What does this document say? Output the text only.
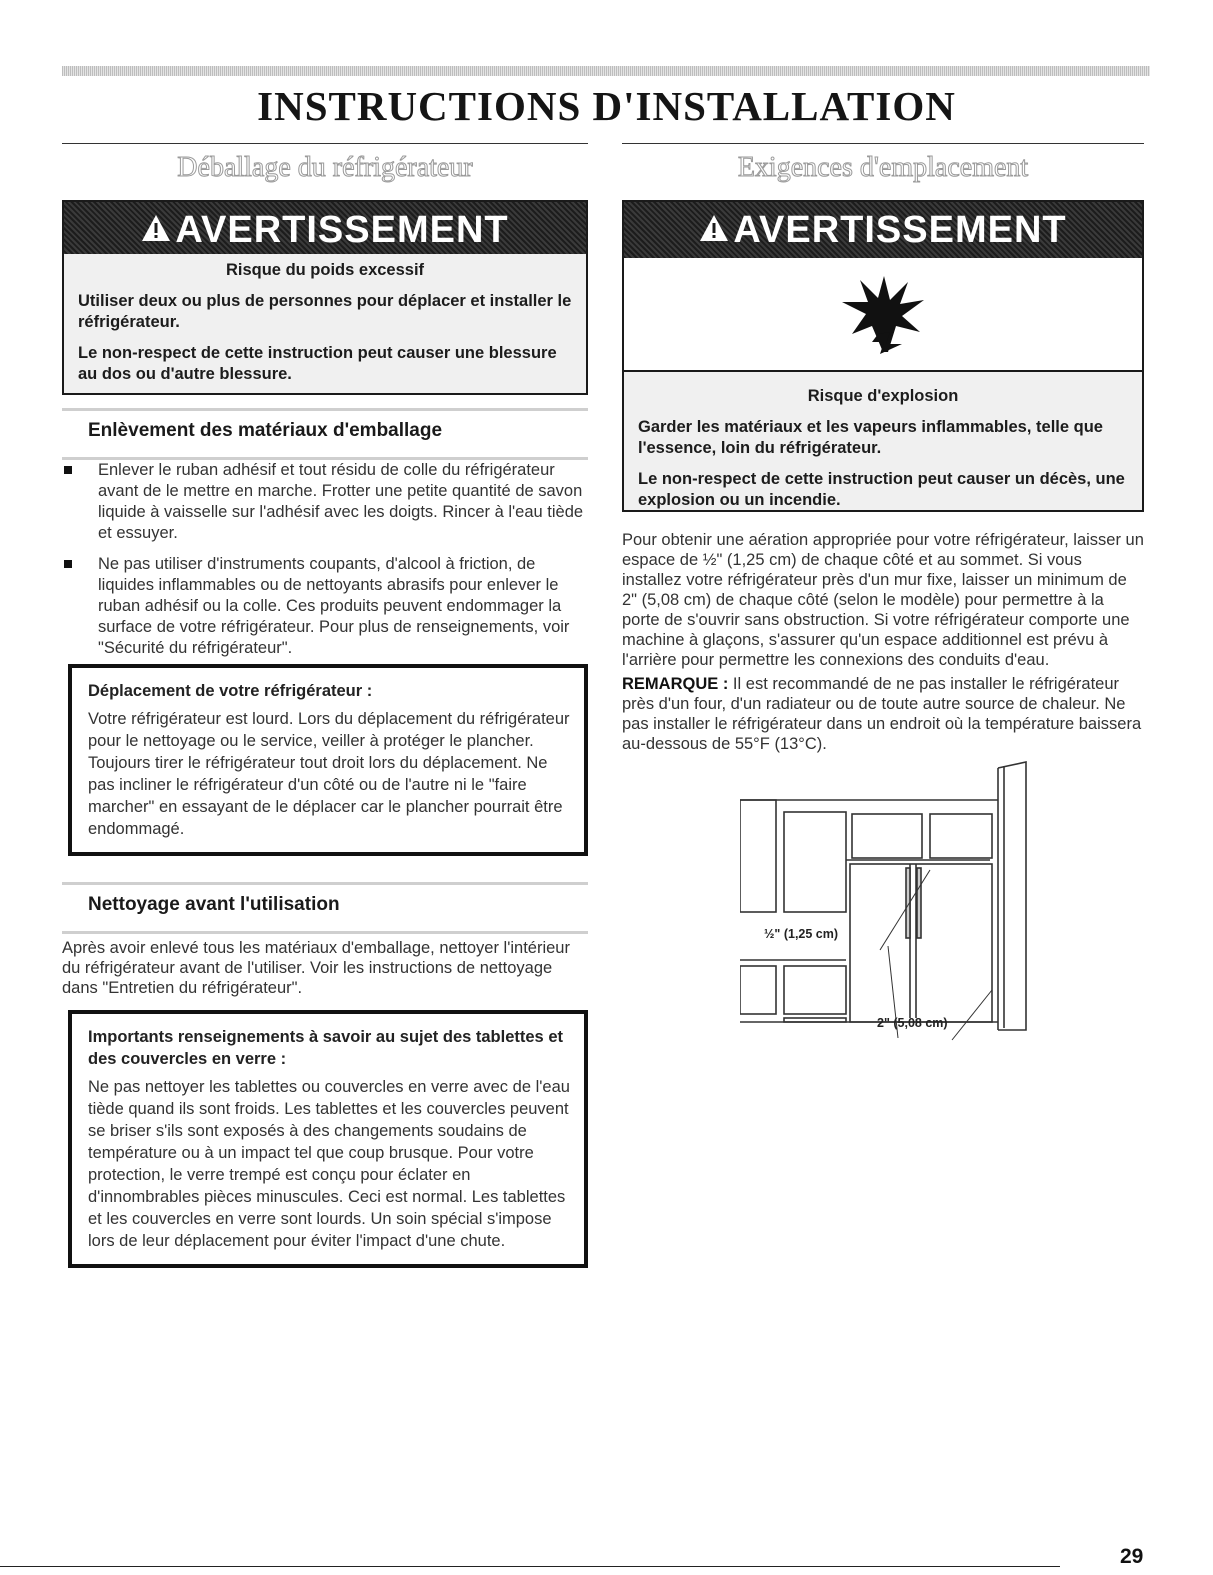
INSTRUCTIONS D'INSTALLATION
Déballage du réfrigérateur
AVERTISSEMENT
Risque du poids excessif

Utiliser deux ou plus de personnes pour déplacer et installer le réfrigérateur.

Le non-respect de cette instruction peut causer une blessure au dos ou d'autre blessure.

Enlèvement des matériaux d'emballage
Enlever le ruban adhésif et tout résidu de colle du réfrigérateur avant de le mettre en marche. Frotter une petite quantité de savon liquide à vaisselle sur l'adhésif avec les doigts. Rincer à l'eau tiède et essuyer.
Ne pas utiliser d'instruments coupants, d'alcool à friction, de liquides inflammables ou de nettoyants abrasifs pour enlever le ruban adhésif ou la colle. Ces produits peuvent endommager la surface de votre réfrigérateur. Pour plus de renseignements, voir "Sécurité du réfrigérateur".
Déplacement de votre réfrigérateur :
Votre réfrigérateur est lourd. Lors du déplacement du réfrigérateur pour le nettoyage ou le service, veiller à protéger le plancher. Toujours tirer le réfrigérateur tout droit lors du déplacement. Ne pas incliner le réfrigérateur d'un côté ou de l'autre ni le "faire marcher" en essayant de le déplacer car le plancher pourrait être endommagé.
Nettoyage avant l'utilisation
Après avoir enlevé tous les matériaux d'emballage, nettoyer l'intérieur du réfrigérateur avant de l'utiliser. Voir les instructions de nettoyage dans "Entretien du réfrigérateur".
Importants renseignements à savoir au sujet des tablettes et des couvercles en verre :
Ne pas nettoyer les tablettes ou couvercles en verre avec de l'eau tiède quand ils sont froids. Les tablettes et les couvercles peuvent se briser s'ils sont exposés à des changements soudains de température ou à un impact tel que coup brusque. Pour votre protection, le verre trempé est conçu pour éclater en d'innombrables pièces minuscules. Ceci est normal. Les tablettes et les couvercles en verre sont lourds. Un soin spécial s'impose lors de leur déplacement pour éviter l'impact d'une chute.
Exigences d'emplacement
AVERTISSEMENT
Risque d'explosion

Garder les matériaux et les vapeurs inflammables, telle que l'essence, loin du réfrigérateur.

Le non-respect de cette instruction peut causer un décès, une explosion ou un incendie.

Pour obtenir une aération appropriée pour votre réfrigérateur, laisser un espace de ½" (1,25 cm) de chaque côté et au sommet. Si vous installez votre réfrigérateur près d'un mur fixe, laisser un minimum de 2" (5,08 cm) de chaque côté (selon le modèle) pour permettre à la porte de s'ouvrir sans obstruction. Si votre réfrigérateur comporte une machine à glaçons, s'assurer qu'un espace additionnel est prévu à l'arrière pour permettre les connexions des conduits d'eau.

REMARQUE : Il est recommandé de ne pas installer le réfrigérateur près d'un four, d'un radiateur ou de toute autre source de chaleur. Ne pas installer le réfrigérateur dans un endroit où la température baissera au-dessous de 55°F (13°C).

½" (1,25 cm)
2" (5,08 cm)
29
